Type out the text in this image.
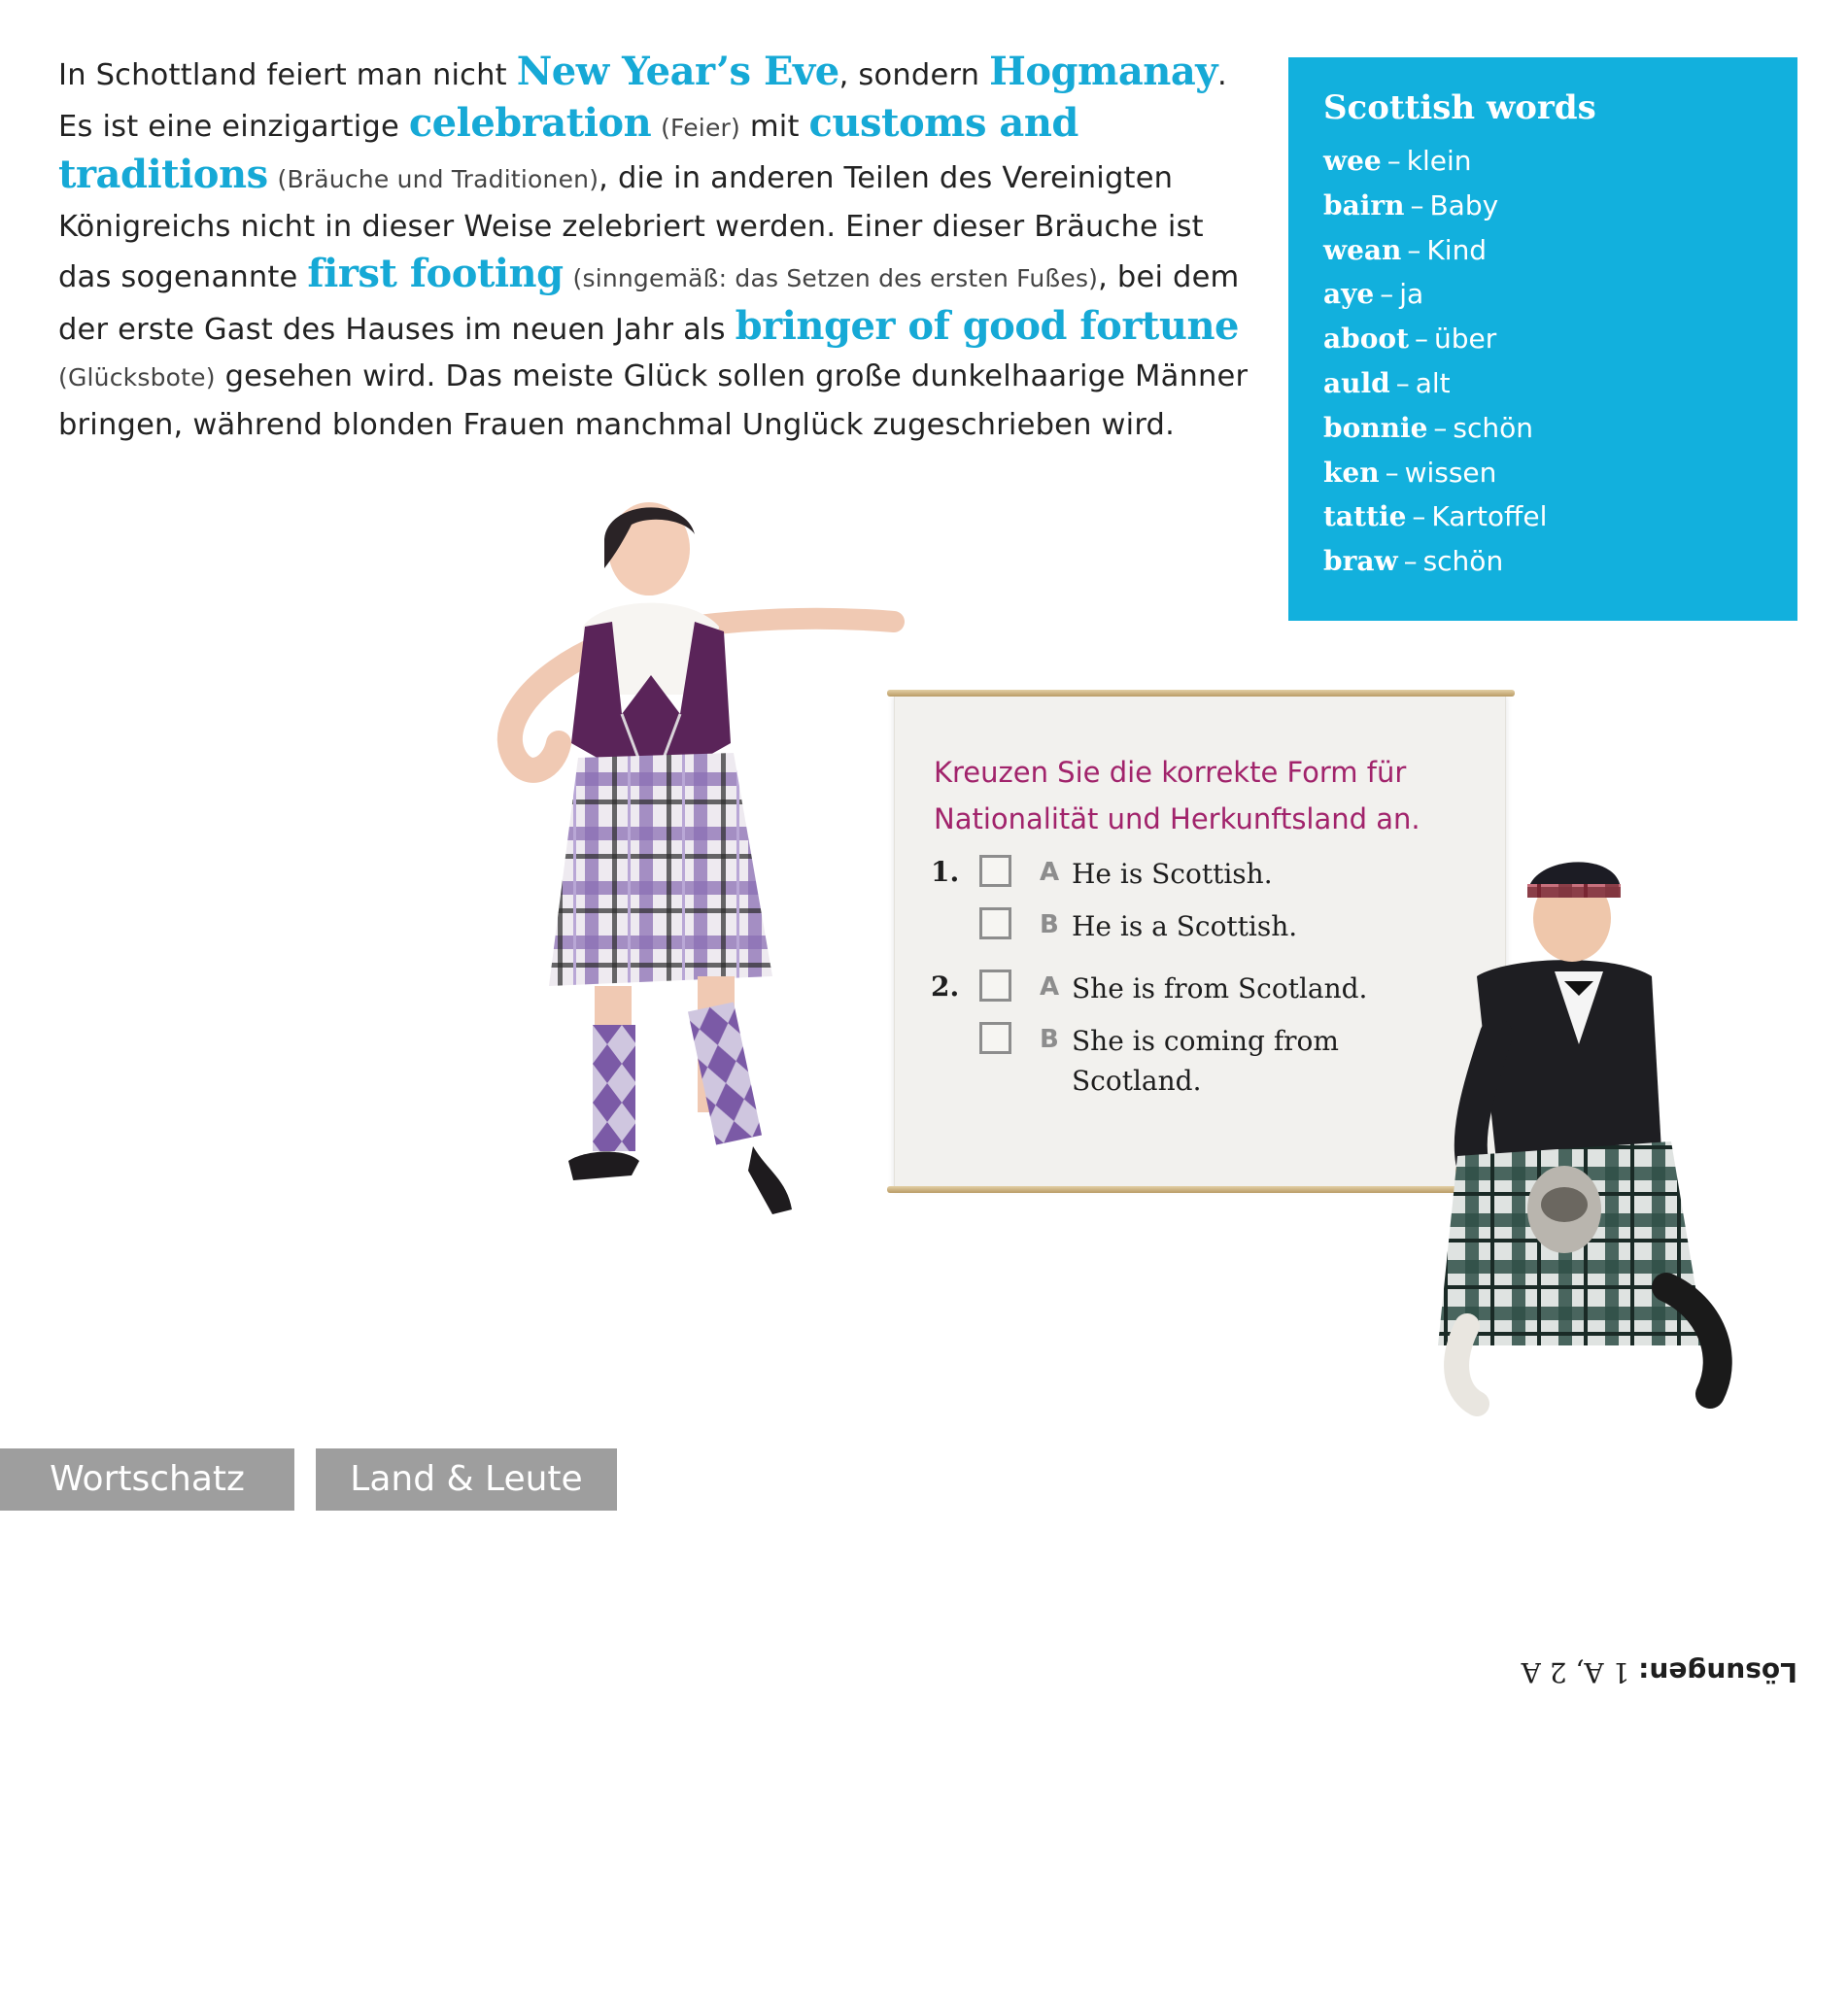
In Schottland feiert man nicht New Year’s Eve, sondern Hogmanay.
Es ist eine einzigartige celebration (Feier) mit customs and traditions (Bräuche und Traditionen), die in anderen Teilen des Vereinigten Königreichs nicht in dieser Weise zelebriert werden. Einer dieser Bräuche ist das sogenannte first footing (sinngemäß: das Setzen des ersten Fußes), bei dem der erste Gast des Hauses im neuen Jahr als bringer of good fortune (Glücksbote) gesehen wird. Das meiste Glück sollen große dunkelhaarige Männer bringen, während blonden Frauen manchmal Unglück zugeschrieben wird.
Scottish words
wee – klein
bairn – Baby
wean – Kind
aye – ja
aboot – über
auld – alt
bonnie – schön
ken – wissen
tattie – Kartoffel
braw – schön
Kreuzen Sie die korrekte Form für Nationalität und Herkunftsland an.
1.	A He is Scottish.
B He is a Scottish.
2.	A She is from Scotland.
B She is coming from Scotland.
Wortschatz	Land & Leute
Lösungen: 1 A, 2 A
